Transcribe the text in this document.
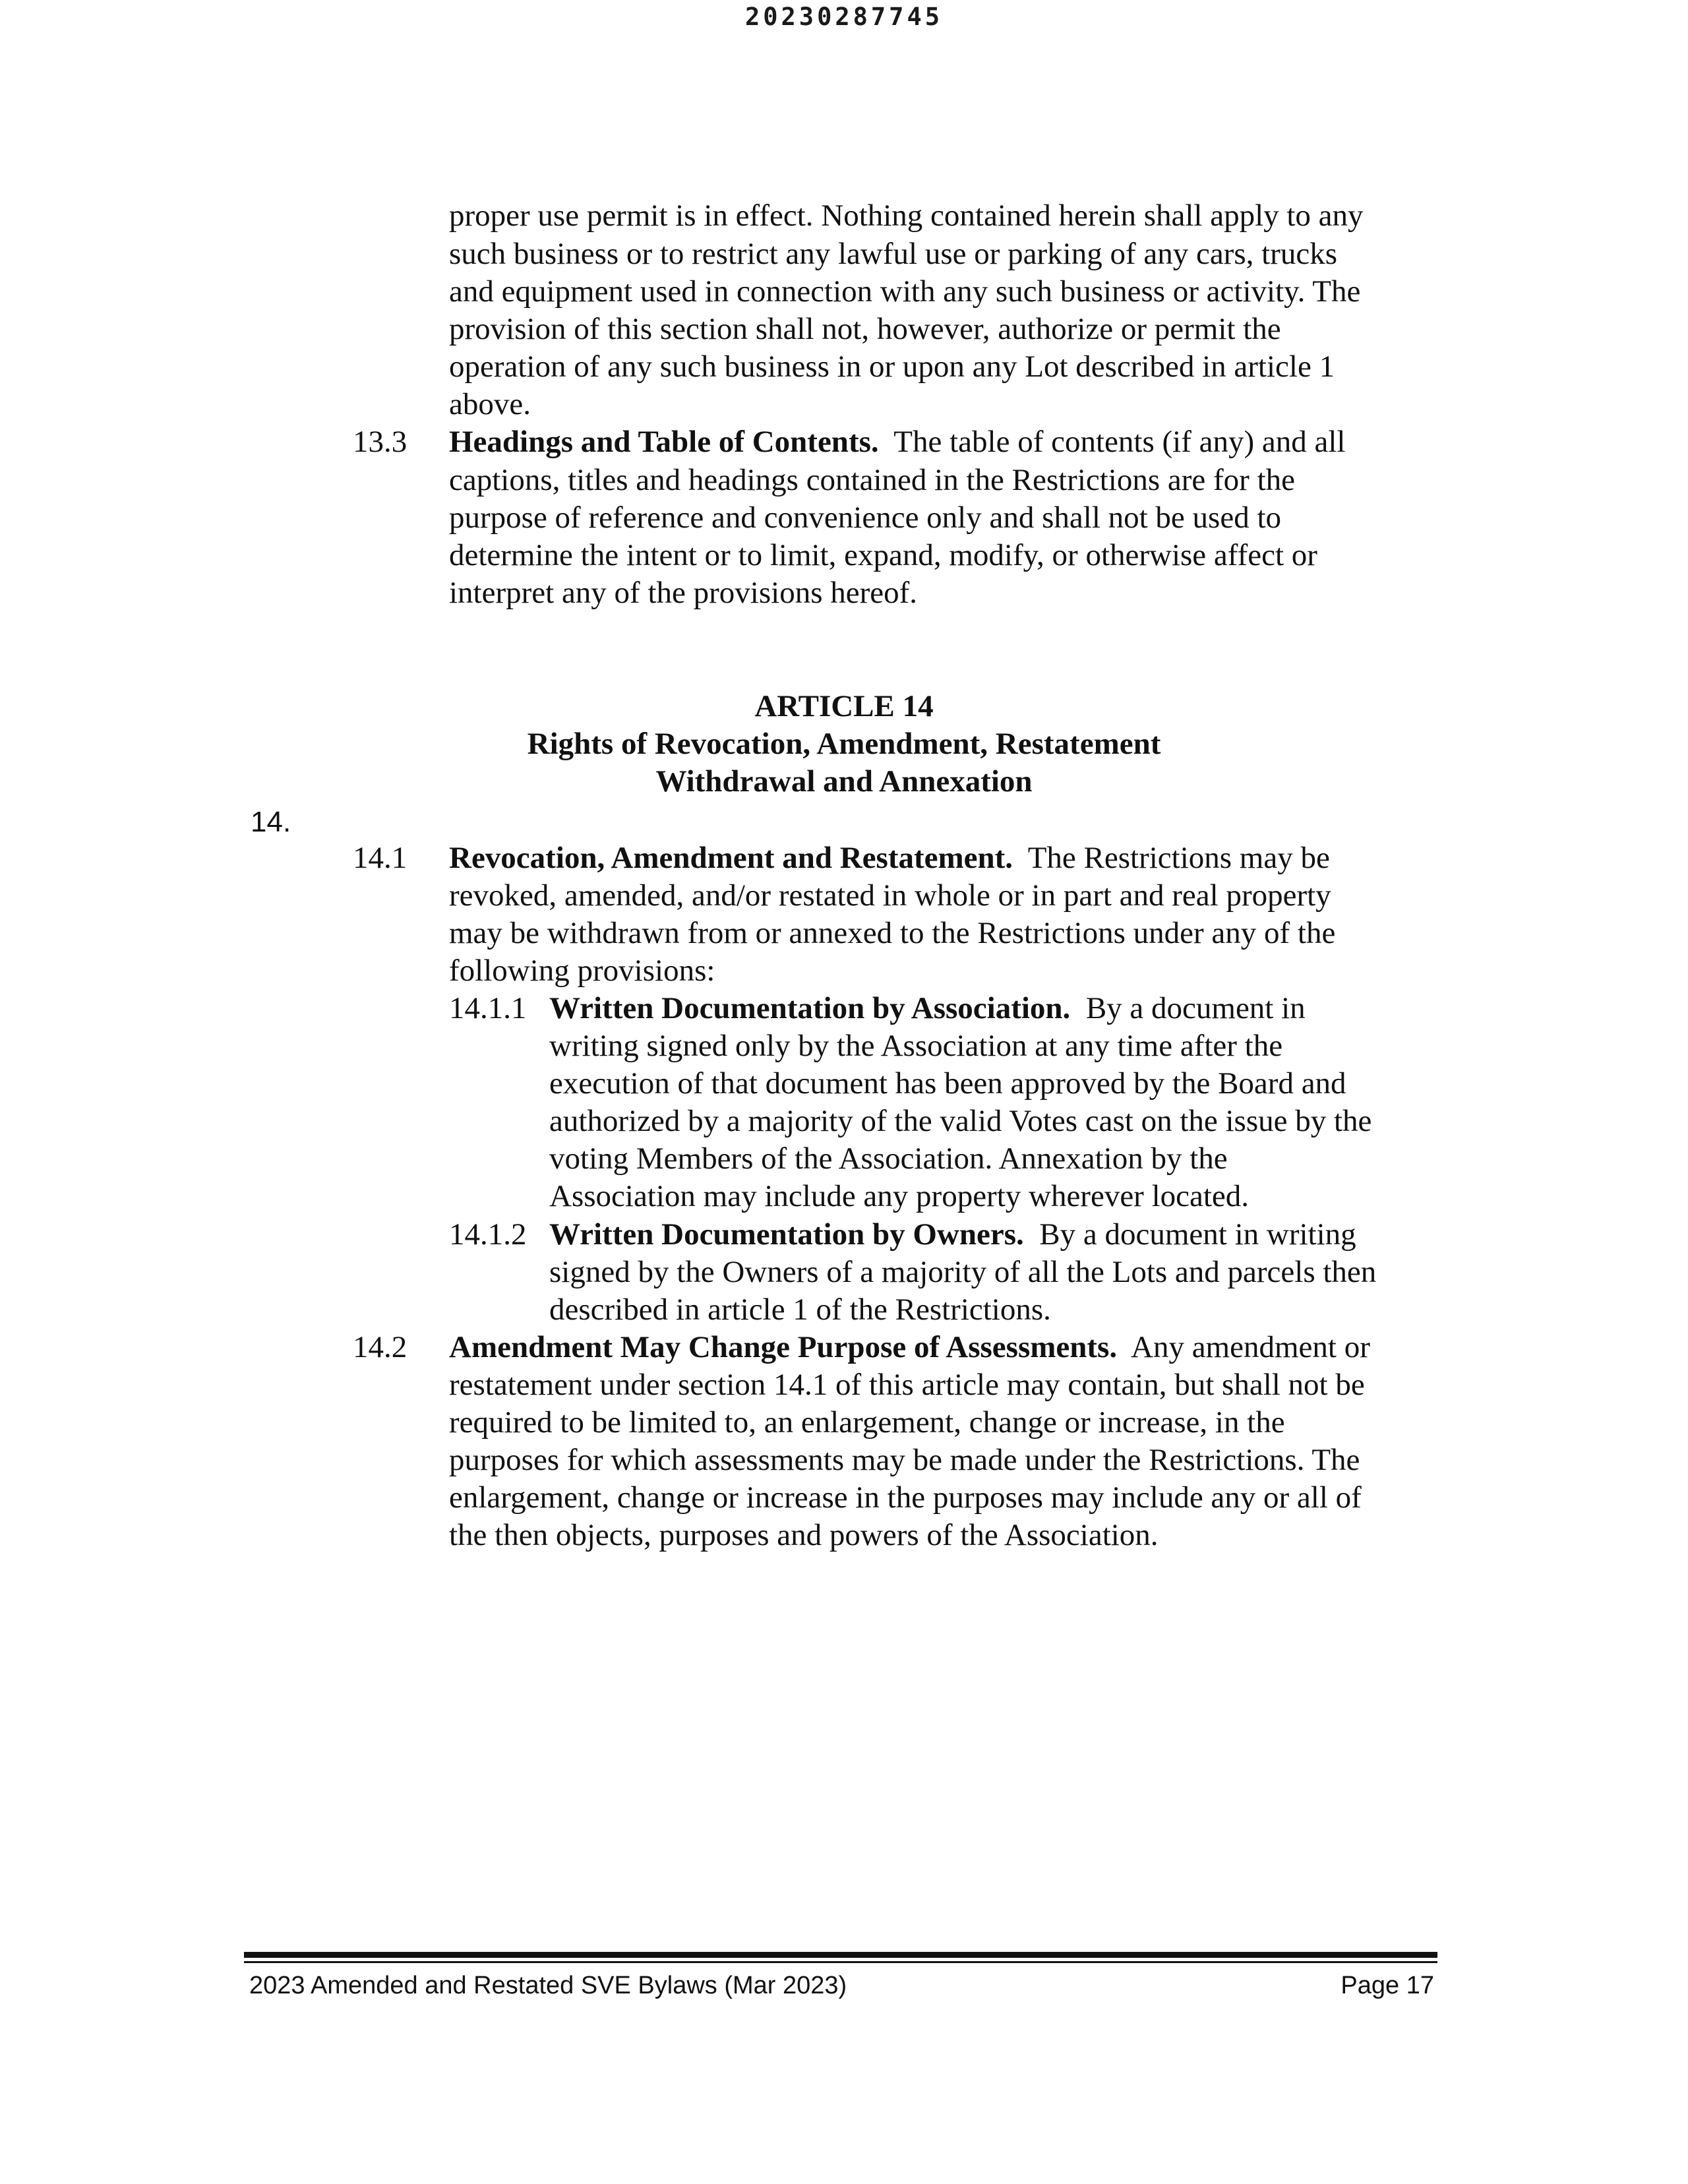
20230287745
proper use permit is in effect. Nothing contained herein shall apply to any
such business or to restrict any lawful use or parking of any cars, trucks
and equipment used in connection with any such business or activity. The
provision of this section shall not, however, authorize or permit the
operation of any such business in or upon any Lot described in article 1
above.
13.3 Headings and Table of Contents.  The table of contents (if any) and all
captions, titles and headings contained in the Restrictions are for the
purpose of reference and convenience only and shall not be used to
determine the intent or to limit, expand, modify, or otherwise affect or
interpret any of the provisions hereof.
ARTICLE 14
Rights of Revocation, Amendment, Restatement
Withdrawal and Annexation
14.
14.1 Revocation, Amendment and Restatement.  The Restrictions may be
revoked, amended, and/or restated in whole or in part and real property
may be withdrawn from or annexed to the Restrictions under any of the
following provisions:
14.1.1 Written Documentation by Association.  By a document in
writing signed only by the Association at any time after the
execution of that document has been approved by the Board and
authorized by a majority of the valid Votes cast on the issue by the
voting Members of the Association. Annexation by the
Association may include any property wherever located.
14.1.2 Written Documentation by Owners.  By a document in writing
signed by the Owners of a majority of all the Lots and parcels then
described in article 1 of the Restrictions.
14.2 Amendment May Change Purpose of Assessments.  Any amendment or
restatement under section 14.1 of this article may contain, but shall not be
required to be limited to, an enlargement, change or increase, in the
purposes for which assessments may be made under the Restrictions. The
enlargement, change or increase in the purposes may include any or all of
the then objects, purposes and powers of the Association.
2023 Amended and Restated SVE Bylaws (Mar 2023)	Page 17
